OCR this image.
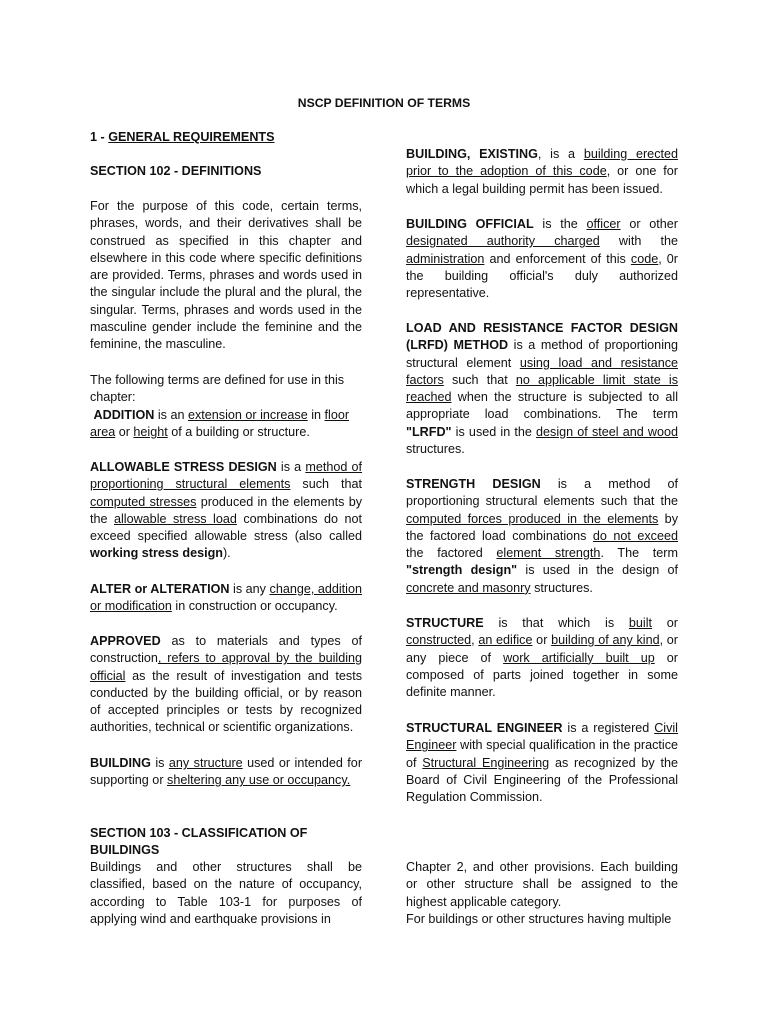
NSCP DEFINITION OF TERMS

1 - GENERAL REQUIREMENTS

SECTION 102 - DEFINITIONS

For the purpose of this code, certain terms, phrases, words, and their derivatives shall be construed as specified in this chapter and elsewhere in this code where specific definitions are provided. Terms, phrases and words used in the singular include the plural and the plural, the singular. Terms, phrases and words used in the masculine gender include the feminine and the feminine, the masculine.

The following terms are defined for use in this chapter:

ADDITION is an extension or increase in floor area or height of a building or structure.

ALLOWABLE STRESS DESIGN is a method of proportioning structural elements such that computed stresses produced in the elements by the allowable stress load combinations do not exceed specified allowable stress (also called working stress design).

ALTER or ALTERATION is any change, addition or modification in construction or occupancy.

APPROVED as to materials and types of construction, refers to approval by the building official as the result of investigation and tests conducted by the building official, or by reason of accepted principles or tests by recognized authorities, technical or scientific organizations.

BUILDING is any structure used or intended for supporting or sheltering any use or occupancy.

SECTION 103 - CLASSIFICATION OF BUILDINGS

Buildings and other structures shall be classified, based on the nature of occupancy, according to Table 103-1 for purposes of applying wind and earthquake provisions in

BUILDING, EXISTING, is a building erected prior to the adoption of this code, or one for which a legal building permit has been issued.

BUILDING OFFICIAL is the officer or other designated authority charged with the administration and enforcement of this code, 0r the building official's duly authorized representative.

LOAD AND RESISTANCE FACTOR DESIGN (LRFD) METHOD is a method of proportioning structural element using load and resistance factors such that no applicable limit state is reached when the structure is subjected to all appropriate load combinations. The term "LRFD" is used in the design of steel and wood structures.

STRENGTH DESIGN is a method of proportioning structural elements such that the computed forces produced in the elements by the factored load combinations do not exceed the factored element strength. The term "strength design" is used in the design of concrete and masonry structures.

STRUCTURE is that which is built or constructed, an edifice or building of any kind, or any piece of work artificially built up or composed of parts joined together in some definite manner.

STRUCTURAL ENGINEER is a registered Civil Engineer with special qualification in the practice of Structural Engineering as recognized by the Board of Civil Engineering of the Professional Regulation Commission.

Chapter 2, and other provisions. Each building or other structure shall be assigned to the highest applicable category.

For buildings or other structures having multiple
